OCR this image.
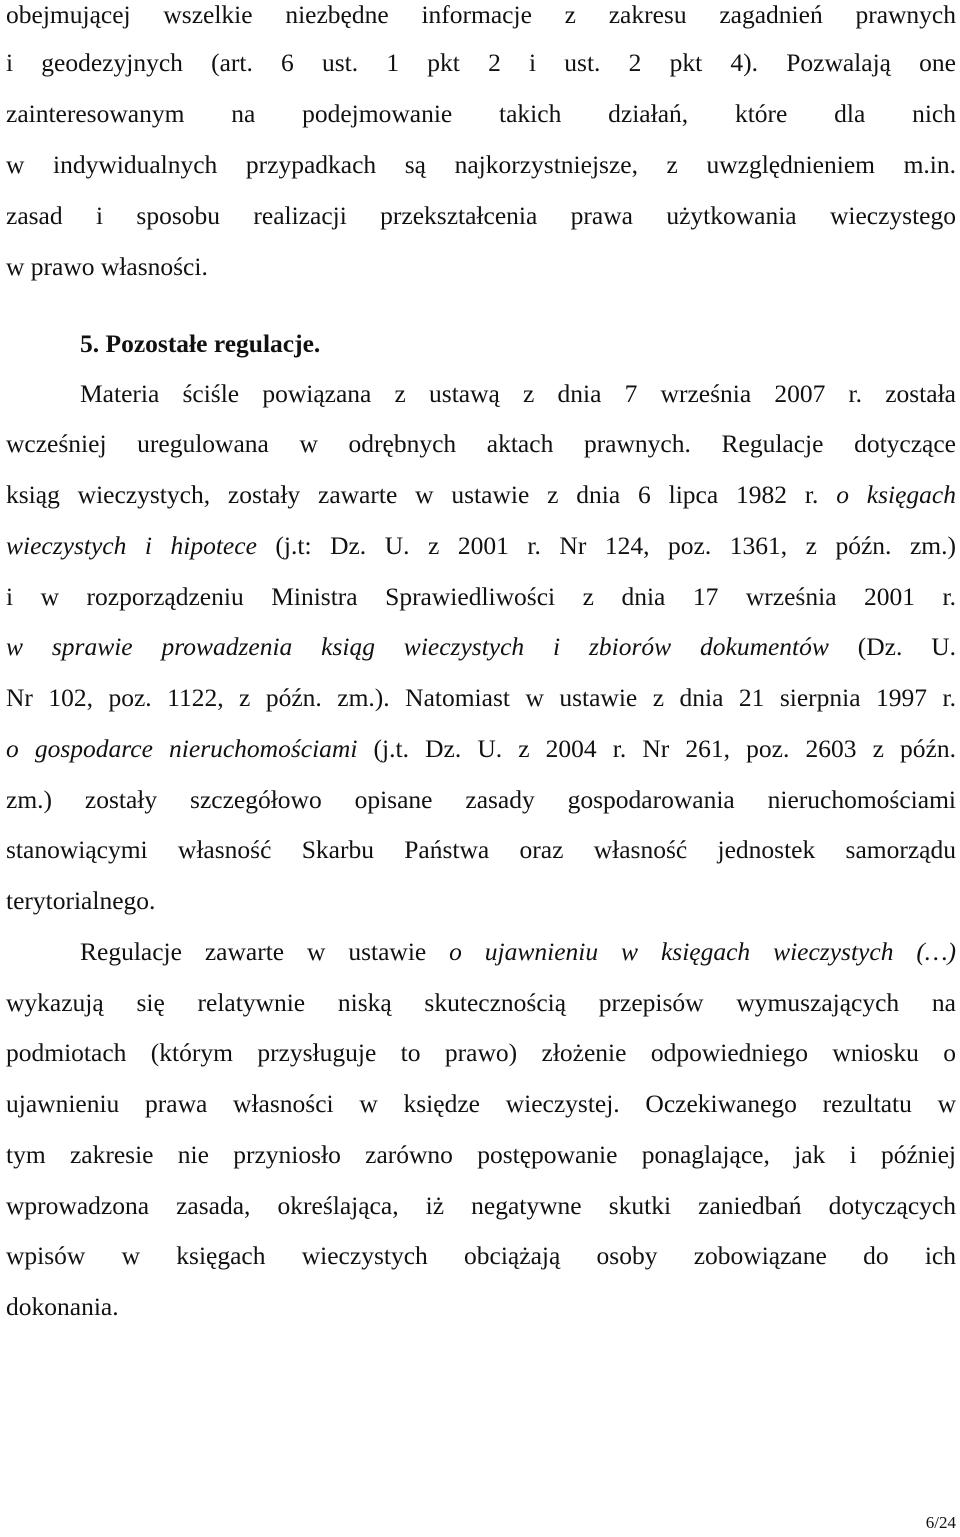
obejmującej wszelkie niezbędne informacje z zakresu zagadnień prawnych
i geodezyjnych (art. 6 ust. 1 pkt 2 i ust. 2 pkt 4). Pozwalają one
zainteresowanym na podejmowanie takich działań, które dla nich
w indywidualnych przypadkach są najkorzystniejsze, z uwzględnieniem m.in.
zasad i sposobu realizacji przekształcenia prawa użytkowania wieczystego
w prawo własności.
5. Pozostałe regulacje.
Materia ściśle powiązana z ustawą z dnia 7 września 2007 r. została
wcześniej uregulowana w odrębnych aktach prawnych. Regulacje dotyczące
ksiąg wieczystych, zostały zawarte w ustawie z dnia 6 lipca 1982 r. o księgach
wieczystych i hipotece (j.t: Dz. U. z 2001 r. Nr 124, poz. 1361, z późn. zm.)
i w rozporządzeniu Ministra Sprawiedliwości z dnia 17 września 2001 r.
w sprawie prowadzenia ksiąg wieczystych i zbiorów dokumentów (Dz. U.
Nr 102, poz. 1122, z późn. zm.). Natomiast w ustawie z dnia 21 sierpnia 1997 r.
o gospodarce nieruchomościami (j.t. Dz. U. z 2004 r. Nr 261, poz. 2603 z późn.
zm.) zostały szczegółowo opisane zasady gospodarowania nieruchomościami
stanowiącymi własność Skarbu Państwa oraz własność jednostek samorządu
terytorialnego.
Regulacje zawarte w ustawie o ujawnieniu w księgach wieczystych (…)
wykazują się relatywnie niską skutecznością przepisów wymuszających na
podmiotach (którym przysługuje to prawo) złożenie odpowiedniego wniosku o
ujawnieniu prawa własności w księdze wieczystej. Oczekiwanego rezultatu w
tym zakresie nie przyniosło zarówno postępowanie ponaglające, jak i później
wprowadzona zasada, określająca, iż negatywne skutki zaniedbań dotyczących
wpisów w księgach wieczystych obciążają osoby zobowiązane do ich
dokonania.
6/24
